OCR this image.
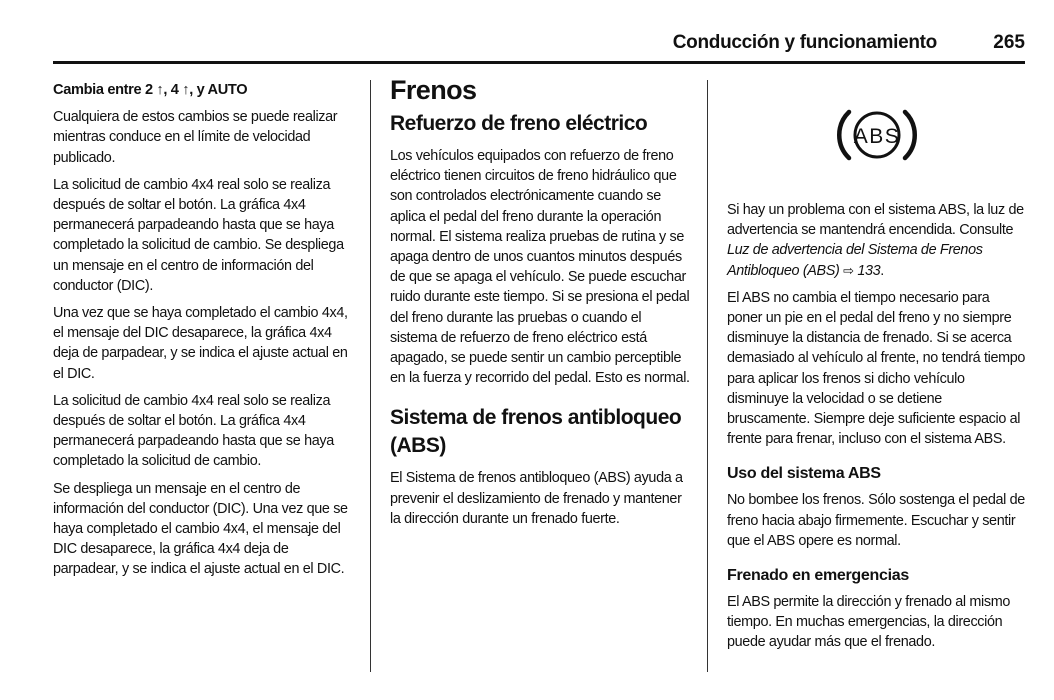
Conducción y funcionamiento	265

Cambia entre 2 ↑, 4 ↑, y AUTO

Cualquiera de estos cambios se puede realizar mientras conduce en el límite de velocidad publicado.

La solicitud de cambio 4x4 real solo se realiza después de soltar el botón. La gráfica 4x4 permanecerá parpadeando hasta que se haya completado la solicitud de cambio. Se despliega un mensaje en el centro de información del conductor (DIC).

Una vez que se haya completado el cambio 4x4, el mensaje del DIC desaparece, la gráfica 4x4 deja de parpadear, y se indica el ajuste actual en el DIC.

La solicitud de cambio 4x4 real solo se realiza después de soltar el botón. La gráfica 4x4 permanecerá parpadeando hasta que se haya completado la solicitud de cambio.

Se despliega un mensaje en el centro de información del conductor (DIC). Una vez que se haya completado el cambio 4x4, el mensaje del DIC desaparece, la gráfica 4x4 deja de parpadear, y se indica el ajuste actual en el DIC.

Frenos
Refuerzo de freno eléctrico

Los vehículos equipados con refuerzo de freno eléctrico tienen circuitos de freno hidráulico que son controlados electrónicamente cuando se aplica el pedal del freno durante la operación normal. El sistema realiza pruebas de rutina y se apaga dentro de unos cuantos minutos después de que se apaga el vehículo. Se puede escuchar ruido durante este tiempo. Si se presiona el pedal del freno durante las pruebas o cuando el sistema de refuerzo de freno eléctrico está apagado, se puede sentir un cambio perceptible en la fuerza y recorrido del pedal. Esto es normal.

Sistema de frenos antibloqueo (ABS)

El Sistema de frenos antibloqueo (ABS) ayuda a prevenir el deslizamiento de frenado y mantener la dirección durante un frenado fuerte.

ABS

Si hay un problema con el sistema ABS, la luz de advertencia se mantendrá encendida. Consulte Luz de advertencia del Sistema de Frenos Antibloqueo (ABS) ⇨ 133.

El ABS no cambia el tiempo necesario para poner un pie en el pedal del freno y no siempre disminuye la distancia de frenado. Si se acerca demasiado al vehículo al frente, no tendrá tiempo para aplicar los frenos si dicho vehículo disminuye la velocidad o se detiene bruscamente. Siempre deje suficiente espacio al frente para frenar, incluso con el sistema ABS.

Uso del sistema ABS

No bombee los frenos. Sólo sostenga el pedal de freno hacia abajo firmemente. Escuchar y sentir que el ABS opere es normal.

Frenado en emergencias

El ABS permite la dirección y frenado al mismo tiempo. En muchas emergencias, la dirección puede ayudar más que el frenado.
